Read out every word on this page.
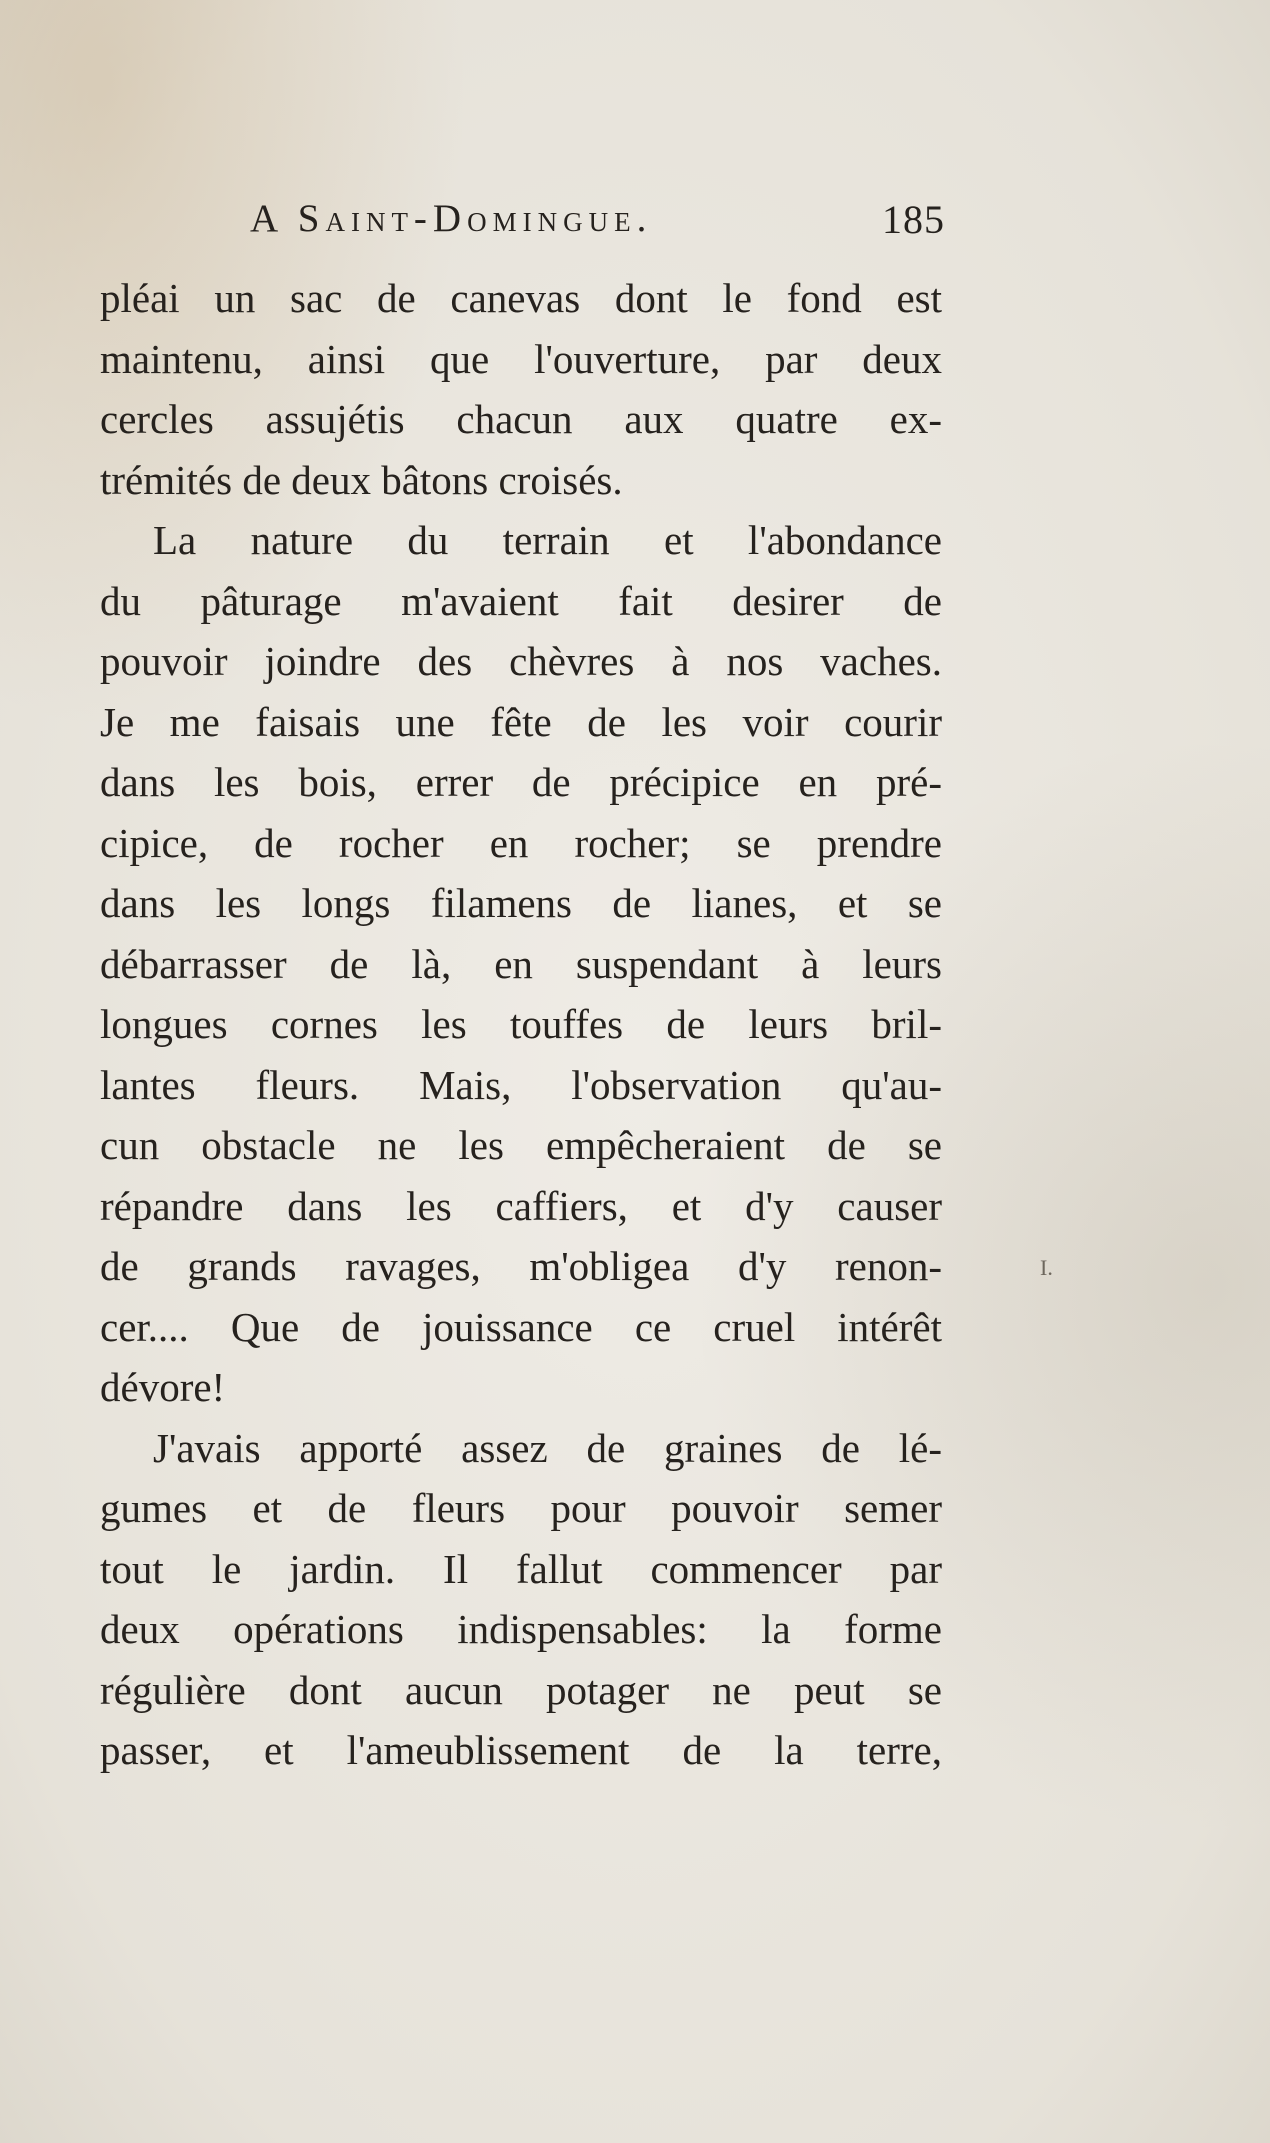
A Saint-Domingue.	185
pléai un sac de canevas dont le fond est
maintenu, ainsi que l'ouverture, par deux
cercles assujétis chacun aux quatre ex-
trémités de deux bâtons croisés.
La nature du terrain et l'abondance
du pâturage m'avaient fait desirer de
pouvoir joindre des chèvres à nos vaches.
Je me faisais une fête de les voir courir
dans les bois, errer de précipice en pré-
cipice, de rocher en rocher; se prendre
dans les longs filamens de lianes, et se
débarrasser de là, en suspendant à leurs
longues cornes les touffes de leurs bril-
lantes fleurs. Mais, l'observation qu'au-
cun obstacle ne les empêcheraient de se
répandre dans les caffiers, et d'y causer
de grands ravages, m'obligea d'y renon-
cer.... Que de jouissance ce cruel intérêt
dévore!
J'avais apporté assez de graines de lé-
gumes et de fleurs pour pouvoir semer
tout le jardin. Il fallut commencer par
deux opérations indispensables: la forme
régulière dont aucun potager ne peut se
passer, et l'ameublissement de la terre,
I.
